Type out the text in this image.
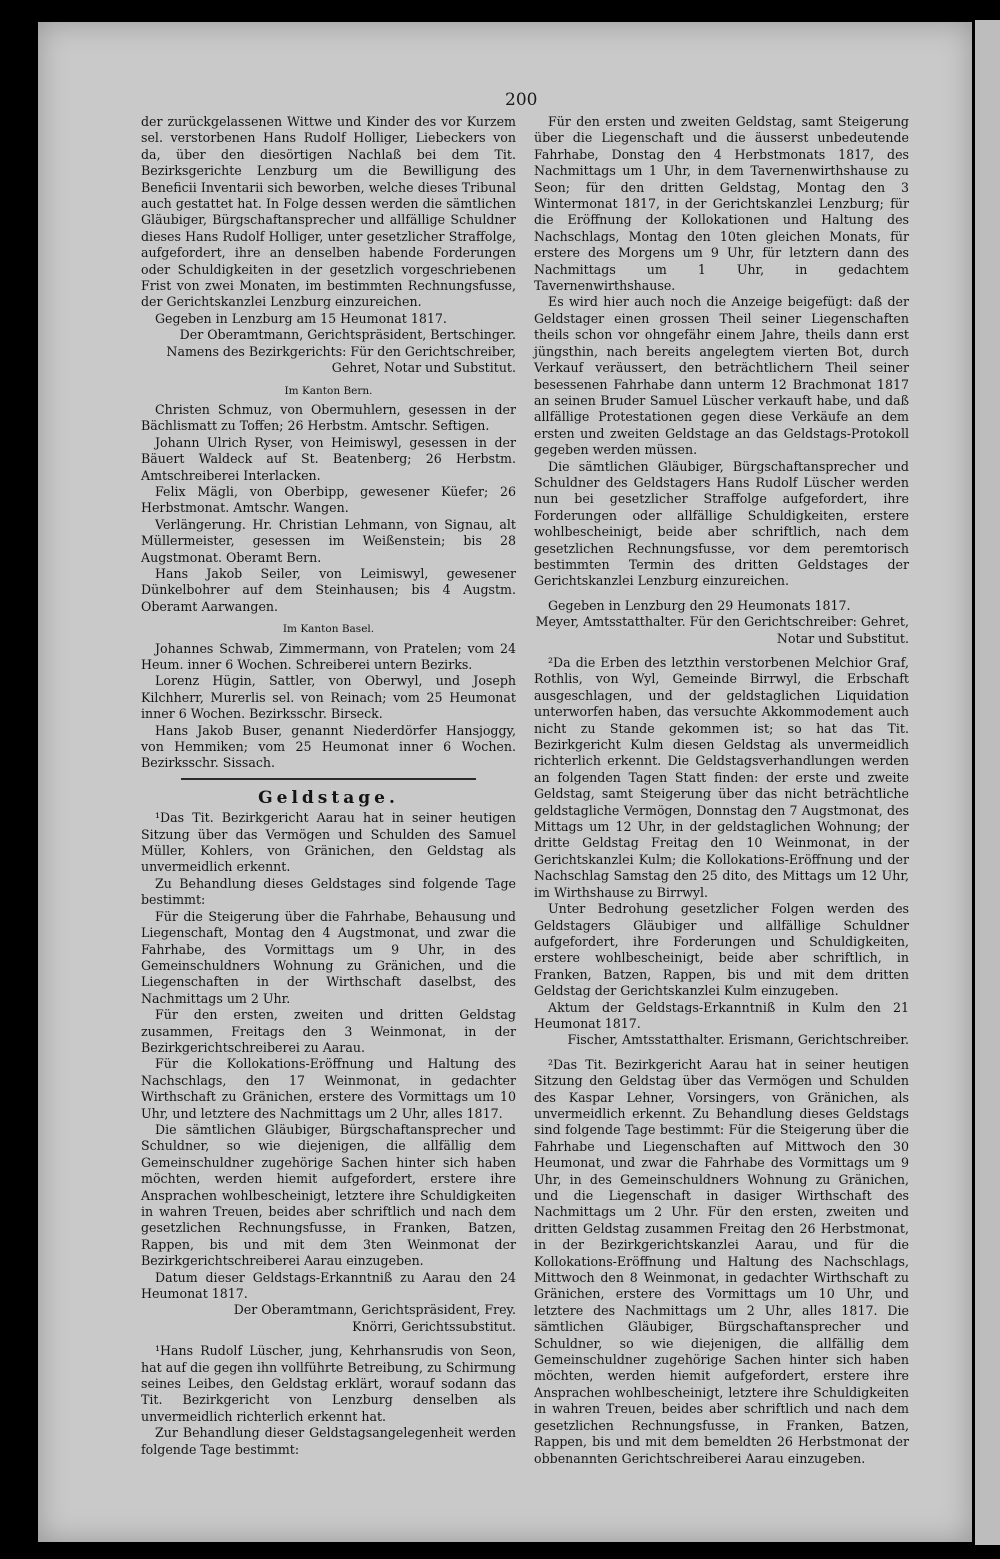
200

der zurückgelassenen Wittwe und Kinder des vor Kurzem sel. verstorbenen Hans Rudolf Holliger, Liebeckers von da, über den diesörtigen Nachlaß bei dem Tit. Bezirksgerichte Lenzburg um die Bewilligung des Beneficii Inventarii sich beworben, welche dieses Tribunal auch gestattet hat. In Folge dessen werden die sämtlichen Gläubiger, Bürgschaftansprecher und allfällige Schuldner dieses Hans Rudolf Holliger, unter gesetzlicher Straffolge, aufgefordert, ihre an denselben habende Forderungen oder Schuldigkeiten in der gesetzlich vorgeschriebenen Frist von zwei Monaten, im bestimmten Rechnungsfusse, der Gerichtskanzlei Lenzburg einzureichen.

Gegeben in Lenzburg am 15 Heumonat 1817.

Der Oberamtmann, Gerichtspräsident, Bertschinger.

Namens des Bezirkgerichts: Für den Gerichtschreiber, Gehret, Notar und Substitut.

Im Kanton Bern.

Christen Schmuz, von Obermuhlern, gesessen in der Bächlismatt zu Toffen; 26 Herbstm. Amtschr. Seftigen.

Johann Ulrich Ryser, von Heimiswyl, gesessen in der Bäuert Waldeck auf St. Beatenberg; 26 Herbstm. Amtschreiberei Interlacken.

Felix Mägli, von Oberbipp, gewesener Küefer; 26 Herbstmonat. Amtschr. Wangen.

Verlängerung. Hr. Christian Lehmann, von Signau, alt Müllermeister, gesessen im Weißenstein; bis 28 Augstmonat. Oberamt Bern.

Hans Jakob Seiler, von Leimiswyl, gewesener Dünkelbohrer auf dem Steinhausen; bis 4 Augstm. Oberamt Aarwangen.

Im Kanton Basel.

Johannes Schwab, Zimmermann, von Pratelen; vom 24 Heum. inner 6 Wochen. Schreiberei untern Bezirks.

Lorenz Hügin, Sattler, von Oberwyl, und Joseph Kilchherr, Murerlis sel. von Reinach; vom 25 Heumonat inner 6 Wochen. Bezirksschr. Birseck.

Hans Jakob Buser, genannt Niederdörfer Hansjoggy, von Hemmiken; vom 25 Heumonat inner 6 Wochen. Bezirksschr. Sissach.

Geldstage.

¹Das Tit. Bezirkgericht Aarau hat in seiner heutigen Sitzung über das Vermögen und Schulden des Samuel Müller, Kohlers, von Gränichen, den Geldstag als unvermeidlich erkennt.

Zu Behandlung dieses Geldstages sind folgende Tage bestimmt:

Für die Steigerung über die Fahrhabe, Behausung und Liegenschaft, Montag den 4 Augstmonat, und zwar die Fahrhabe, des Vormittags um 9 Uhr, in des Gemeinschuldners Wohnung zu Gränichen, und die Liegenschaften in der Wirthschaft daselbst, des Nachmittags um 2 Uhr.

Für den ersten, zweiten und dritten Geldstag zusammen, Freitags den 3 Weinmonat, in der Bezirkgerichtschreiberei zu Aarau.

Für die Kollokations-Eröffnung und Haltung des Nachschlags, den 17 Weinmonat, in gedachter Wirthschaft zu Gränichen, erstere des Vormittags um 10 Uhr, und letztere des Nachmittags um 2 Uhr, alles 1817.

Die sämtlichen Gläubiger, Bürgschaftansprecher und Schuldner, so wie diejenigen, die allfällig dem Gemeinschuldner zugehörige Sachen hinter sich haben möchten, werden hiemit aufgefordert, erstere ihre Ansprachen wohlbescheinigt, letztere ihre Schuldigkeiten in wahren Treuen, beides aber schriftlich und nach dem gesetzlichen Rechnungsfusse, in Franken, Batzen, Rappen, bis und mit dem 3ten Weinmonat der Bezirkgerichtschreiberei Aarau einzugeben.

Datum dieser Geldstags-Erkanntniß zu Aarau den 24 Heumonat 1817.

Der Oberamtmann, Gerichtspräsident, Frey.

Knörri, Gerichtssubstitut.

¹Hans Rudolf Lüscher, jung, Kehrhansrudis von Seon, hat auf die gegen ihn vollführte Betreibung, zu Schirmung seines Leibes, den Geldstag erklärt, worauf sodann das Tit. Bezirkgericht von Lenzburg denselben als unvermeidlich richterlich erkennt hat.

Zur Behandlung dieser Geldstagsangelegenheit werden folgende Tage bestimmt:

Für den ersten und zweiten Geldstag, samt Steigerung über die Liegenschaft und die äusserst unbedeutende Fahrhabe, Donstag den 4 Herbstmonats 1817, des Nachmittags um 1 Uhr, in dem Tavernenwirthshause zu Seon; für den dritten Geldstag, Montag den 3 Wintermonat 1817, in der Gerichtskanzlei Lenzburg; für die Eröffnung der Kollokationen und Haltung des Nachschlags, Montag den 10ten gleichen Monats, für erstere des Morgens um 9 Uhr, für letztern dann des Nachmittags um 1 Uhr, in gedachtem Tavernenwirthshause.

Es wird hier auch noch die Anzeige beigefügt: daß der Geldstager einen grossen Theil seiner Liegenschaften theils schon vor ohngefähr einem Jahre, theils dann erst jüngsthin, nach bereits angelegtem vierten Bot, durch Verkauf veräussert, den beträchtlichern Theil seiner besessenen Fahrhabe dann unterm 12 Brachmonat 1817 an seinen Bruder Samuel Lüscher verkauft habe, und daß allfällige Protestationen gegen diese Verkäufe an dem ersten und zweiten Geldstage an das Geldstags-Protokoll gegeben werden müssen.

Die sämtlichen Gläubiger, Bürgschaftansprecher und Schuldner des Geldstagers Hans Rudolf Lüscher werden nun bei gesetzlicher Straffolge aufgefordert, ihre Forderungen oder allfällige Schuldigkeiten, erstere wohlbescheinigt, beide aber schriftlich, nach dem gesetzlichen Rechnungsfusse, vor dem peremtorisch bestimmten Termin des dritten Geldstages der Gerichtskanzlei Lenzburg einzureichen.

Gegeben in Lenzburg den 29 Heumonats 1817.

Meyer, Amtsstatthalter. Für den Gerichtschreiber: Gehret, Notar und Substitut.

²Da die Erben des letzthin verstorbenen Melchior Graf, Rothlis, von Wyl, Gemeinde Birrwyl, die Erbschaft ausgeschlagen, und der geldstaglichen Liquidation unterworfen haben, das versuchte Akkommodement auch nicht zu Stande gekommen ist; so hat das Tit. Bezirkgericht Kulm diesen Geldstag als unvermeidlich richterlich erkennt. Die Geldstagsverhandlungen werden an folgenden Tagen Statt finden: der erste und zweite Geldstag, samt Steigerung über das nicht beträchtliche geldstagliche Vermögen, Donnstag den 7 Augstmonat, des Mittags um 12 Uhr, in der geldstaglichen Wohnung; der dritte Geldstag Freitag den 10 Weinmonat, in der Gerichtskanzlei Kulm; die Kollokations-Eröffnung und der Nachschlag Samstag den 25 dito, des Mittags um 12 Uhr, im Wirthshause zu Birrwyl.

Unter Bedrohung gesetzlicher Folgen werden des Geldstagers Gläubiger und allfällige Schuldner aufgefordert, ihre Forderungen und Schuldigkeiten, erstere wohlbescheinigt, beide aber schriftlich, in Franken, Batzen, Rappen, bis und mit dem dritten Geldstag der Gerichtskanzlei Kulm einzugeben.

Aktum der Geldstags-Erkanntniß in Kulm den 21 Heumonat 1817.

Fischer, Amtsstatthalter. Erismann, Gerichtschreiber.

²Das Tit. Bezirkgericht Aarau hat in seiner heutigen Sitzung den Geldstag über das Vermögen und Schulden des Kaspar Lehner, Vorsingers, von Gränichen, als unvermeidlich erkennt. Zu Behandlung dieses Geldstags sind folgende Tage bestimmt: Für die Steigerung über die Fahrhabe und Liegenschaften auf Mittwoch den 30 Heumonat, und zwar die Fahrhabe des Vormittags um 9 Uhr, in des Gemeinschuldners Wohnung zu Gränichen, und die Liegenschaft in dasiger Wirthschaft des Nachmittags um 2 Uhr. Für den ersten, zweiten und dritten Geldstag zusammen Freitag den 26 Herbstmonat, in der Bezirkgerichtskanzlei Aarau, und für die Kollokations-Eröffnung und Haltung des Nachschlags, Mittwoch den 8 Weinmonat, in gedachter Wirthschaft zu Gränichen, erstere des Vormittags um 10 Uhr, und letztere des Nachmittags um 2 Uhr, alles 1817. Die sämtlichen Gläubiger, Bürgschaftansprecher und Schuldner, so wie diejenigen, die allfällig dem Gemeinschuldner zugehörige Sachen hinter sich haben möchten, werden hiemit aufgefordert, erstere ihre Ansprachen wohlbescheinigt, letztere ihre Schuldigkeiten in wahren Treuen, beides aber schriftlich und nach dem gesetzlichen Rechnungsfusse, in Franken, Batzen, Rappen, bis und mit dem bemeldten 26 Herbstmonat der obbenannten Gerichtschreiberei Aarau einzugeben.
